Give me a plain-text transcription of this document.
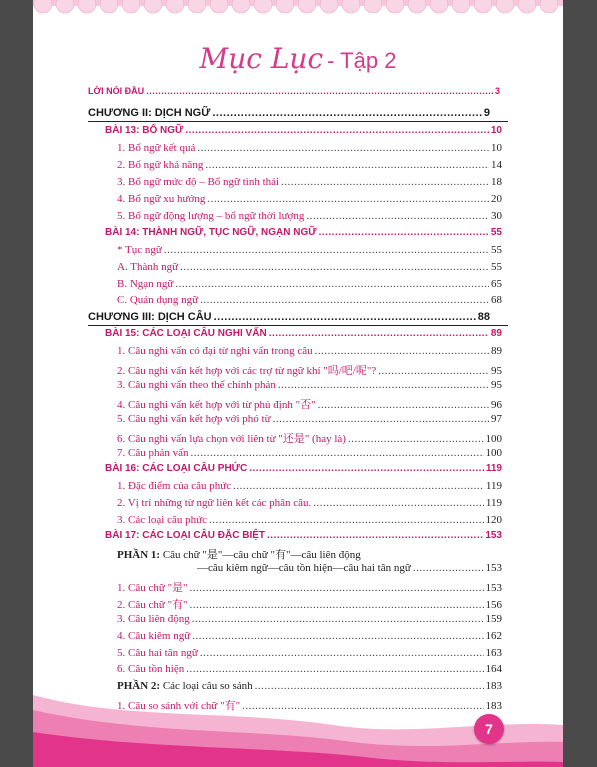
Mục Lục - Tập 2
LỜI NÓI ĐẦU .....	3
CHƯƠNG II: DỊCH NGỮ .....	9
BÀI 13: BỔ NGỮ .....	10
1. Bổ ngữ kết quả .....	10
2. Bổ ngữ khả năng .....	14
3. Bổ ngữ mức độ – Bổ ngữ tình thái .....	18
4. Bổ ngữ xu hướng .....	20
5. Bổ ngữ động lượng – bổ ngữ thời lượng .....	30
BÀI 14: THÀNH NGỮ, TỤC NGỮ, NGẠN NGỮ .....	55
* Tục ngữ .....	55
A. Thành ngữ .....	55
B. Ngạn ngữ .....	65
C. Quán dụng ngữ .....	68
CHƯƠNG III: DỊCH CÂU .....	88
BÀI 15: CÁC LOẠI CÂU NGHI VẤN .....	89
1. Câu nghi vấn có đại từ nghi vấn trong câu .....	89
2. Câu nghi vấn kết hợp với các trợ từ ngữ khí "吗/吧/呢"? .....	95
3. Câu nghi vấn theo thể chính phản .....	95
4. Câu nghi vấn kết hợp với từ phủ định "否" .....	96
5. Câu nghi vấn kết hợp với phó từ .....	97
6. Câu nghi vấn lựa chọn với liên từ "还是" (hay là) .....	100
7. Câu phản vấn .....	100
BÀI 16: CÁC LOẠI CÂU PHỨC .....	119
1. Đặc điểm của câu phức .....	119
2. Vị trí những từ ngữ liên kết các phân câu. .....	119
3. Các loại câu phức .....	120
BÀI 17: CÁC LOẠI CÂU ĐẶC BIỆT .....	153
PHẦN 1: Câu chữ "是"—câu chữ "有"—câu liên động
—câu kiêm ngữ—câu tồn hiện—câu hai tân ngữ .....	153
1. Câu chữ "是" .....	153
2. Câu chữ "有" .....	156
3. Câu liên động .....	159
4. Câu kiêm ngữ .....	162
5. Câu hai tân ngữ .....	163
6. Câu tồn hiện .....	164
PHẦN 2: Các loại câu so sánh .....	183
1. Câu so sánh với chữ "有" .....	183
7
